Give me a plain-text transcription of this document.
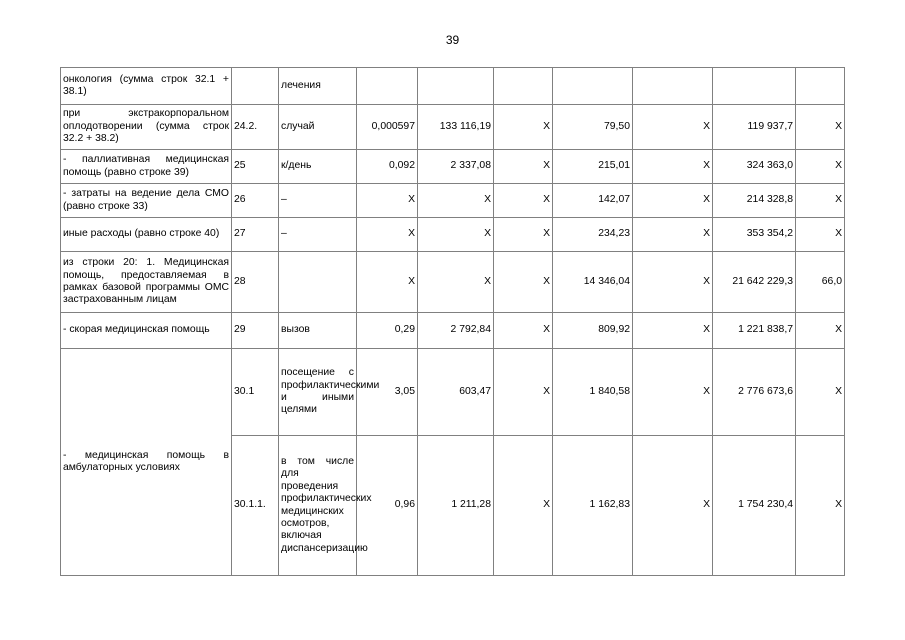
39
онкология (сумма строк 32.1 + 38.1)		лечения							
при экстракорпоральном оплодотворении (сумма строк 32.2 + 38.2)	24.2.	случай	0,000597	133 116,19	X	79,50	X	119 937,7	X
- паллиативная медицинская помощь (равно строке 39)	25	к/день	0,092	2 337,08	X	215,01	X	324 363,0	X
- затраты на ведение дела СМО (равно строке 33)	26	–	X	X	X	142,07	X	214 328,8	X
иные расходы (равно строке 40)	27	–	X	X	X	234,23	X	353 354,2	X
из строки 20: 1. Медицинская помощь, предоставляемая в рамках базовой программы ОМС застрахованным лицам	28		X	X	X	14 346,04	X	21 642 229,3	66,0
- скорая медицинская помощь	29	вызов	0,29	2 792,84	X	809,92	X	1 221 838,7	X
- медицинская помощь в амбулаторных условиях	30.1	посещение с профилактическими и иными целями	3,05	603,47	X	1 840,58	X	2 776 673,6	X
	30.1.1.	в том числе для проведения профилактических медицинских осмотров, включая диспансеризацию	0,96	1 211,28	X	1 162,83	X	1 754 230,4	X
